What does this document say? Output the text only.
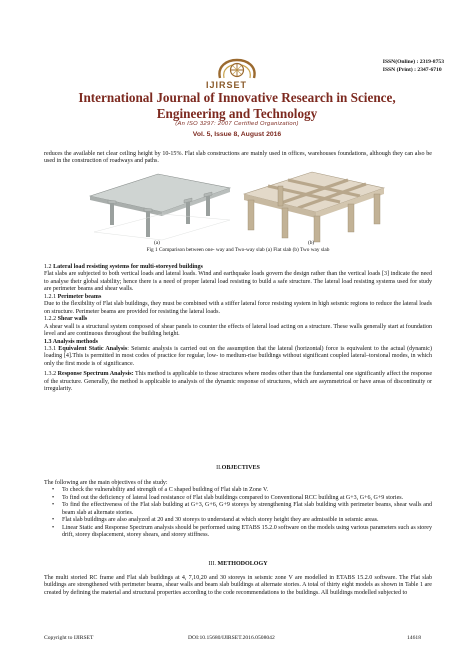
ISSN(Online) : 2319-8753
ISSN (Print) : 2347-6710
IJIRSET
International Journal of Innovative Research in Science,
Engineering and Technology
(An ISO 3297: 2007 Certified Organization)
Vol. 5, Issue 8, August 2016
reduces the available net clear ceiling height by 10-15%. Flat slab constructions are mainly used in offices, warehouses foundations, although they can also be used in the construction of roadways and paths.
(a)	(b)
Fig 1 Comparison between one- way and Two-way slab (a) Flat slab (b) Two way slab
1.2 Lateral load resisting systems for multi-storeyed buildings
Flat slabs are subjected to both vertical loads and lateral loads. Wind and earthquake loads govern the design rather than the vertical loads [3] indicate the need to analyse their global stability; hence there is a need of proper lateral load resisting to build a safe structure. The lateral load resisting systems used for study are perimeter beams and shear walls.
1.2.1 Perimeter beams
Due to the flexibility of Flat slab buildings, they must be combined with a stiffer lateral force resisting system in high seismic regions to reduce the lateral loads on structure. Perimeter beams are provided for resisting the lateral loads.
1.2.2 Shear walls
A shear wall is a structural system composed of shear panels to counter the effects of lateral load acting on a structure. These walls generally start at foundation level and are continuous throughout the building height.
1.3 Analysis methods
1.3.1 Equivalent Static Analysis: Seismic analysis is carried out on the assumption that the lateral (horizontal) force is equivalent to the actual (dynamic) loading [4].This is permitted in most codes of practice for regular, low- to medium-rise buildings without significant coupled lateral–torsional modes, in which only the first mode is of significance.
1.3.2 Response Spectrum Analysis: This method is applicable to those structures where modes other than the fundamental one significantly affect the response of the structure. Generally, the method is applicable to analysis of the dynamic response of structures, which are asymmetrical or have areas of discontinuity or irregularity.
II.OBJECTIVES
The following are the main objectives of the study:
• To check the vulnerability and strength of a C shaped building of Flat slab in Zone V.
• To find out the deficiency of lateral load resistance of Flat slab buildings compared to Conventional RCC building at G+3, G+6, G+9 stories.
• To find the effectiveness of the Flat slab building at G+3, G+6, G+9 storeys by strengthening Flat slab building with perimeter beams, shear walls and beam slab at alternate stories.
• Flat slab buildings are also analyzed at 20 and 30 storeys to understand at which storey height they are admissible in seismic areas.
• Linear Static and Response Spectrum analysis should be performed using ETABS 15.2.0 software on the models using various parameters such as storey drift, storey displacement, storey shears, and storey stiffness.
III. METHODOLOGY
The multi storied RC frame and Flat slab buildings at 4, 7,10,20 and 30 storeys in seismic zone V are modelled in ETABS 15.2.0 software. The Flat slab buildings are strengthened with perimeter beams, shear walls and beam slab buildings at alternate stories. A total of thirty eight models as shown in Table 1 are created by defining the material and structural properties according to the code recommendations to the buildings. All buildings modelled subjected to
Copyright to IJIRSET	DOI:10.15680/IJIRSET.2016.0508042	14618
